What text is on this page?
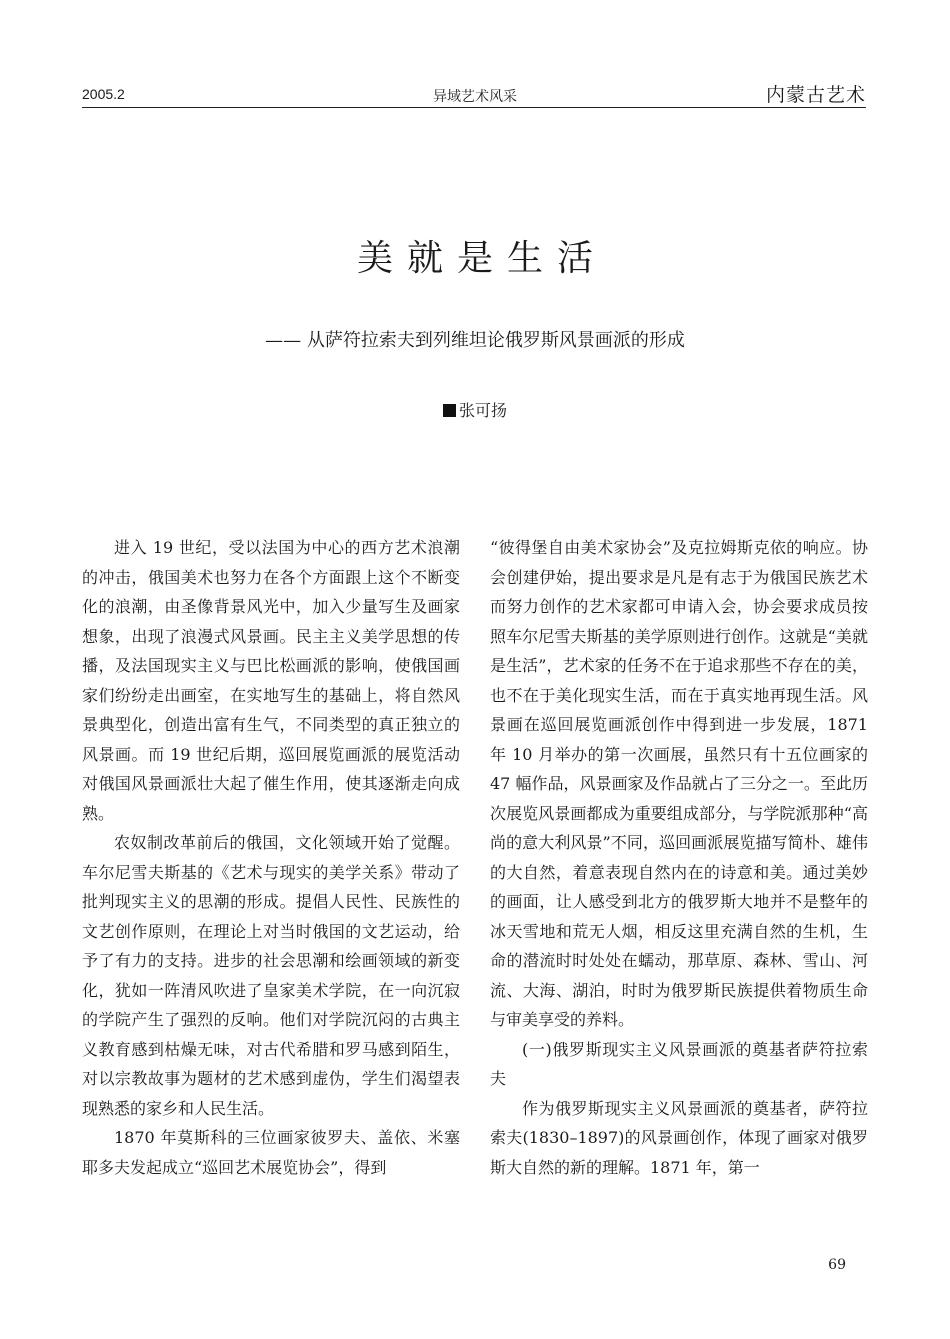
2005.2	异域艺术风采	内蒙古艺术
美就是生活
—— 从萨符拉索夫到列维坦论俄罗斯风景画派的形成
张可扬

进入 19 世纪，受以法国为中心的西方艺术浪潮的冲击，俄国美术也努力在各个方面跟上这个不断变化的浪潮，由圣像背景风光中，加入少量写生及画家想象，出现了浪漫式风景画。民主主义美学思想的传播，及法国现实主义与巴比松画派的影响，使俄国画家们纷纷走出画室，在实地写生的基础上，将自然风景典型化，创造出富有生气，不同类型的真正独立的风景画。而 19 世纪后期，巡回展览画派的展览活动对俄国风景画派壮大起了催生作用，使其逐渐走向成熟。

农奴制改革前后的俄国，文化领域开始了觉醒。车尔尼雪夫斯基的《艺术与现实的美学关系》带动了批判现实主义的思潮的形成。提倡人民性、民族性的文艺创作原则，在理论上对当时俄国的文艺运动，给予了有力的支持。进步的社会思潮和绘画领域的新变化，犹如一阵清风吹进了皇家美术学院，在一向沉寂的学院产生了强烈的反响。他们对学院沉闷的古典主义教育感到枯燥无味，对古代希腊和罗马感到陌生，对以宗教故事为题材的艺术感到虚伪，学生们渴望表现熟悉的家乡和人民生活。

1870 年莫斯科的三位画家彼罗夫、盖依、米塞耶多夫发起成立“巡回艺术展览协会”，得到

“彼得堡自由美术家协会”及克拉姆斯克依的响应。协会创建伊始，提出要求是凡是有志于为俄国民族艺术而努力创作的艺术家都可申请入会，协会要求成员按照车尔尼雪夫斯基的美学原则进行创作。这就是“美就是生活”，艺术家的任务不在于追求那些不存在的美，也不在于美化现实生活，而在于真实地再现生活。风景画在巡回展览画派创作中得到进一步发展，1871 年 10 月举办的第一次画展，虽然只有十五位画家的 47 幅作品，风景画家及作品就占了三分之一。至此历次展览风景画都成为重要组成部分，与学院派那种“高尚的意大利风景”不同，巡回画派展览描写简朴、雄伟的大自然，着意表现自然内在的诗意和美。通过美妙的画面，让人感受到北方的俄罗斯大地并不是整年的冰天雪地和荒无人烟，相反这里充满自然的生机，生命的潜流时时处处在蠕动，那草原、森林、雪山、河流、大海、湖泊，时时为俄罗斯民族提供着物质生命与审美享受的养料。

(一)俄罗斯现实主义风景画派的奠基者萨符拉索夫

作为俄罗斯现实主义风景画派的奠基者，萨符拉索夫(1830–1897)的风景画创作，体现了画家对俄罗斯大自然的新的理解。1871 年，第一

69
